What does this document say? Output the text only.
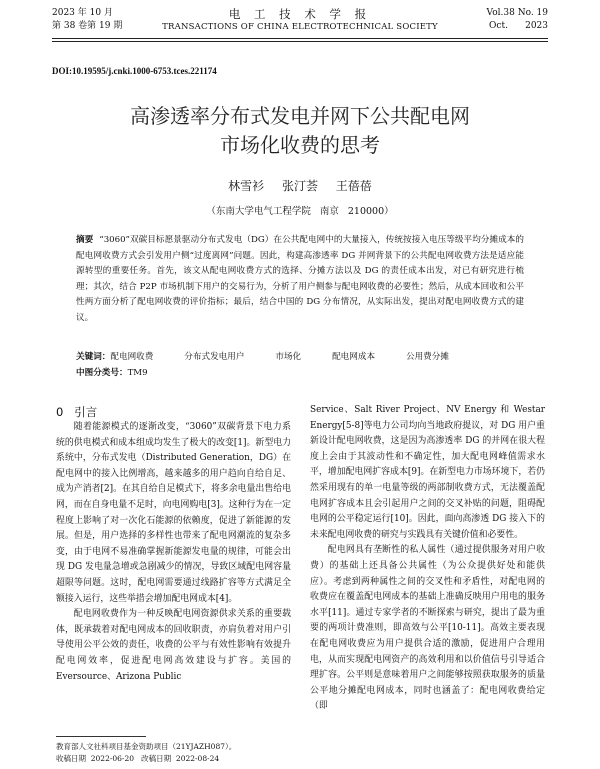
2023 年 10 月
第 38 卷第 19 期
电 工 技 术 学 报
TRANSACTIONS OF CHINA ELECTROTECHNICAL SOCIETY
Vol.38 No. 19
Oct.      2023
DOI:10.19595/j.cnki.1000-6753.tces.221174
高渗透率分布式发电并网下公共配电网
市场化收费的思考
林雪衫 张汀荟 王蓓蓓
（东南大学电气工程学院 南京 210000）
摘要 “3060”双碳目标愿景驱动分布式发电（DG）在公共配电网中的大量接入，传统按接入电压等级平均分摊成本的配电网收费方式会引发用户侧“过度离网”问题。因此，构建高渗透率 DG 并网背景下的公共配电网收费方法是适应能源转型的重要任务。首先，该文从配电网收费方式的选择、分摊方法以及 DG 的责任成本出发，对已有研究进行梳理；其次，结合 P2P 市场机制下用户的交易行为，分析了用户侧参与配电网收费的必要性；然后，从成本回收和公平性两方面分析了配电网收费的评价指标；最后，结合中国的 DG 分布情况，从实际出发，提出对配电网收费方式的建议。
关键词：配电网收费    分布式发电用户    市场化    配电网成本    公用费分摊
中图分类号：TM9
0   引言

随着能源模式的逐渐改变，“3060”双碳背景下电力系统的供电模式和成本组成均发生了极大的改变[1]。新型电力系统中，分布式发电（Distributed Generation，DG）在配电网中的接入比例增高，越来越多的用户趋向自给自足、成为产消者[2]。在其自给自足模式下，将多余电量出售给电网，而在自身电量不足时，向电网购电[3]。这种行为在一定程度上影响了对一次化石能源的依赖度，促进了新能源的发展。但是，用户选择的多样性也带来了配电网潮流的复杂多变，由于电网不易准确掌握新能源发电量的规律，可能会出现 DG 发电量急增或急剧减少的情况，导致区域配电网容量超限等问题。这时，配电网需要通过线路扩容等方式满足全额接入运行，这些举措会增加配电网成本[4]。

配电网收费作为一种反映配电网资源供求关系的重要载体，既承载着对配电网成本的回收职责，亦肩负着对用户引导使用公平公效的责任，收费的公平与有效性影响有效提升配电网效率，促进配电网高效建设与扩容。美国的 Eversource、Arizona Public

Service、Salt River Project、NV Energy 和 Westar Energy[5-8]等电力公司均向当地政府提议，对 DG 用户重新设计配电网收费，这是因为高渗透率 DG 的并网在很大程度上会由于其波动性和不确定性，加大配电网峰值需求水平，增加配电网扩容成本[9]。在新型电力市场环境下，若仍然采用现有的单一电量等级的两部制收费方式，无法覆盖配电网扩容成本且会引起用户之间的交叉补贴的问题，阻碍配电网的公平稳定运行[10]。因此，面向高渗透 DG 接入下的未来配电网收费的研究与实践具有关键价值和必要性。

配电网具有垄断性的私人属性（通过提供服务对用户收费）的基础上还具备公共属性（为公众提供好处和能供应）。考虑到两种属性之间的交叉性和矛盾性，对配电网的收费应在覆盖配电网成本的基础上准确反映用户用电的服务水平[11]。通过专家学者的不断探索与研究，提出了最为重要的两项计费准则，即高效与公平[10-11]。高效主要表现在配电网收费应为用户提供合适的激励，促进用户合理用电，从而实现配电网资产的高效利用和以价值信号引导适合理扩容。公平则是意味着用户之间能够按照获取服务的质量公平地分摊配电网成本，同时也涵盖了：配电网收费给定（即

教育部人文社科项目基金资助项目（21YJAZH087）。
收稿日期  2022-06-20   改稿日期  2022-08-24
